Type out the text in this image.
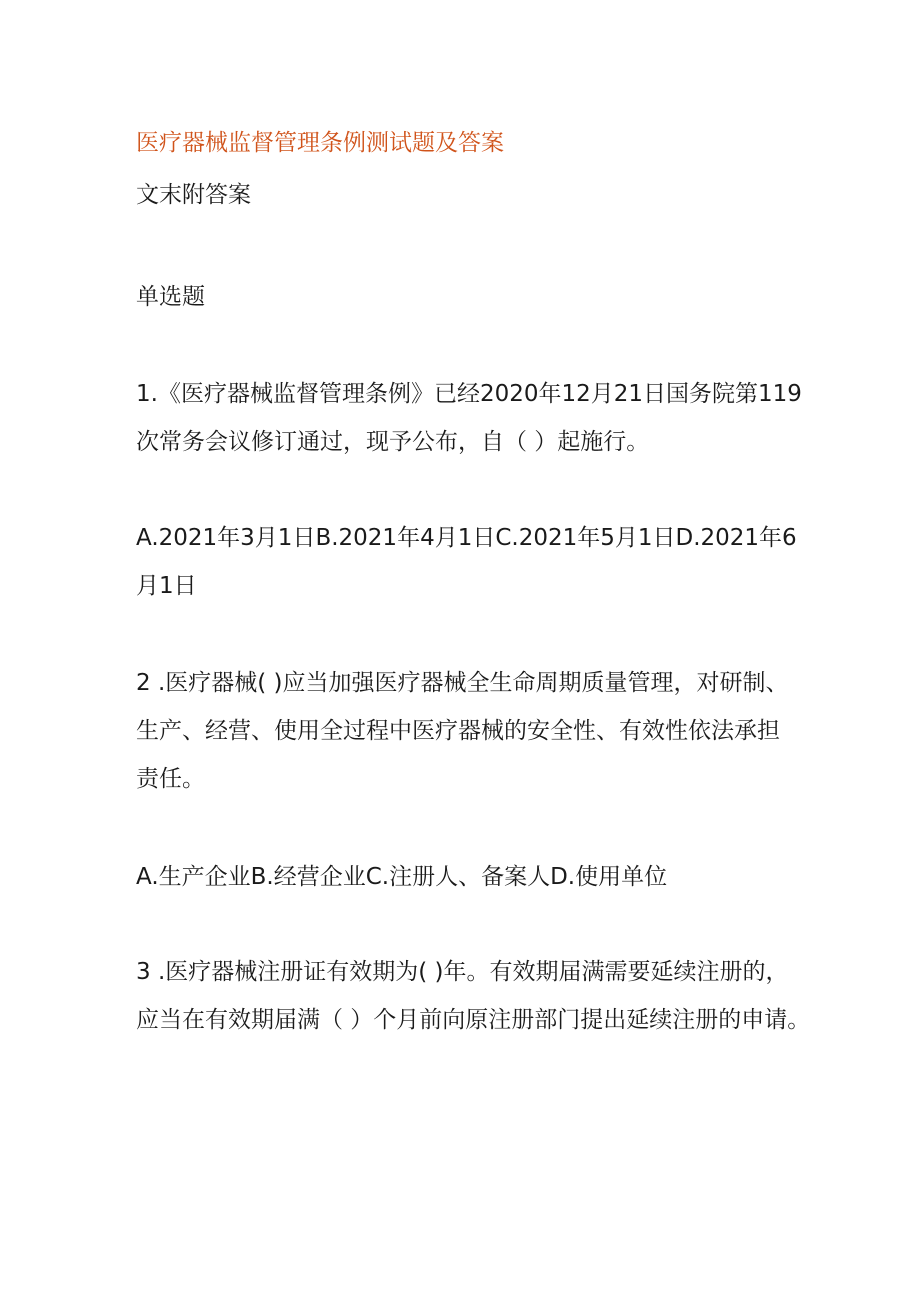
医疗器械监督管理条例测试题及答案
文末附答案
单选题
1.《医疗器械监督管理条例》已经2020年12月21日国务院第119
次常务会议修订通过，现予公布，自（ ）起施行。
A.2021年3月1日B.2021年4月1日C.2021年5月1日D.2021年6
月1日
2 .医疗器械( )应当加强医疗器械全生命周期质量管理，对研制、
生产、经营、使用全过程中医疗器械的安全性、有效性依法承担
责任。
A.生产企业B.经营企业C.注册人、备案人D.使用单位
3 .医疗器械注册证有效期为( )年。有效期届满需要延续注册的，
应当在有效期届满（ ）个月前向原注册部门提出延续注册的申请。
